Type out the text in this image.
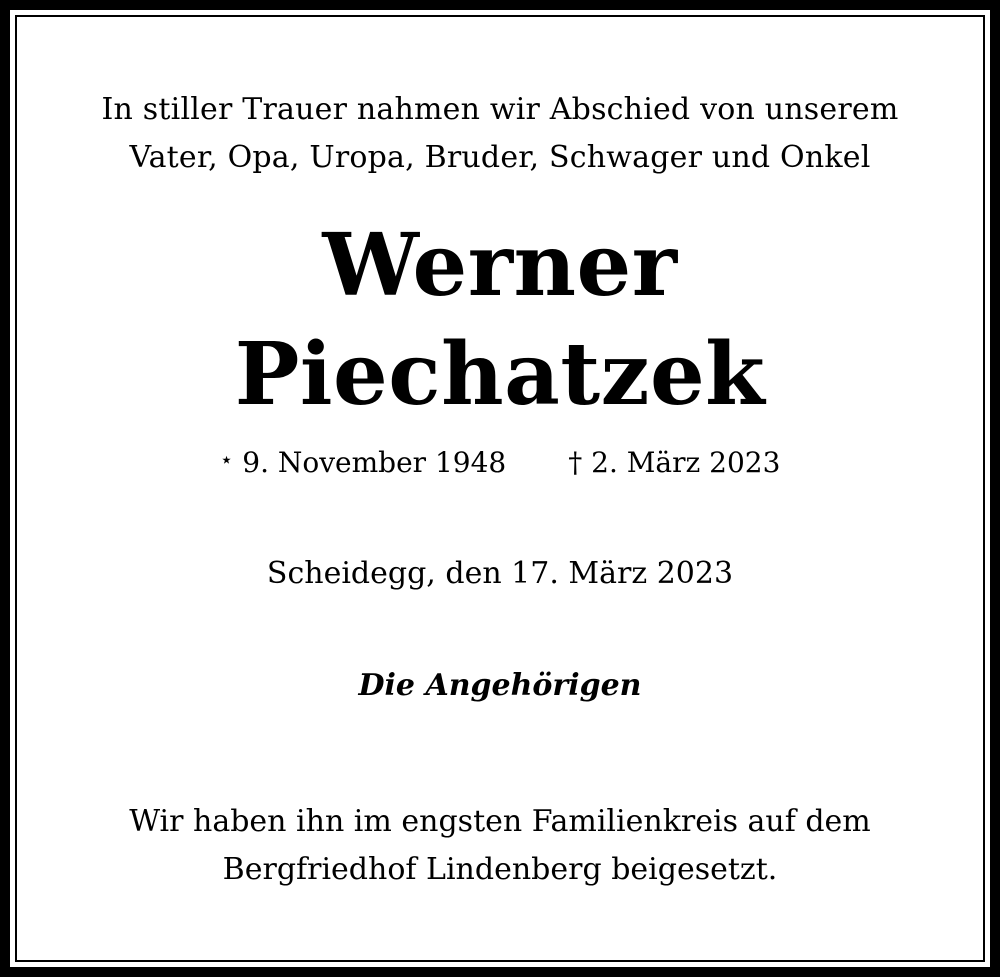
In stiller Trauer nahmen wir Abschied von unserem
Vater, Opa, Uropa, Bruder, Schwager und Onkel
Werner
Piechatzek
⋆ 9. November 1948 † 2. März 2023
Scheidegg, den 17. März 2023
Die Angehörigen
Wir haben ihn im engsten Familienkreis auf dem
Bergfriedhof Lindenberg beigesetzt.
